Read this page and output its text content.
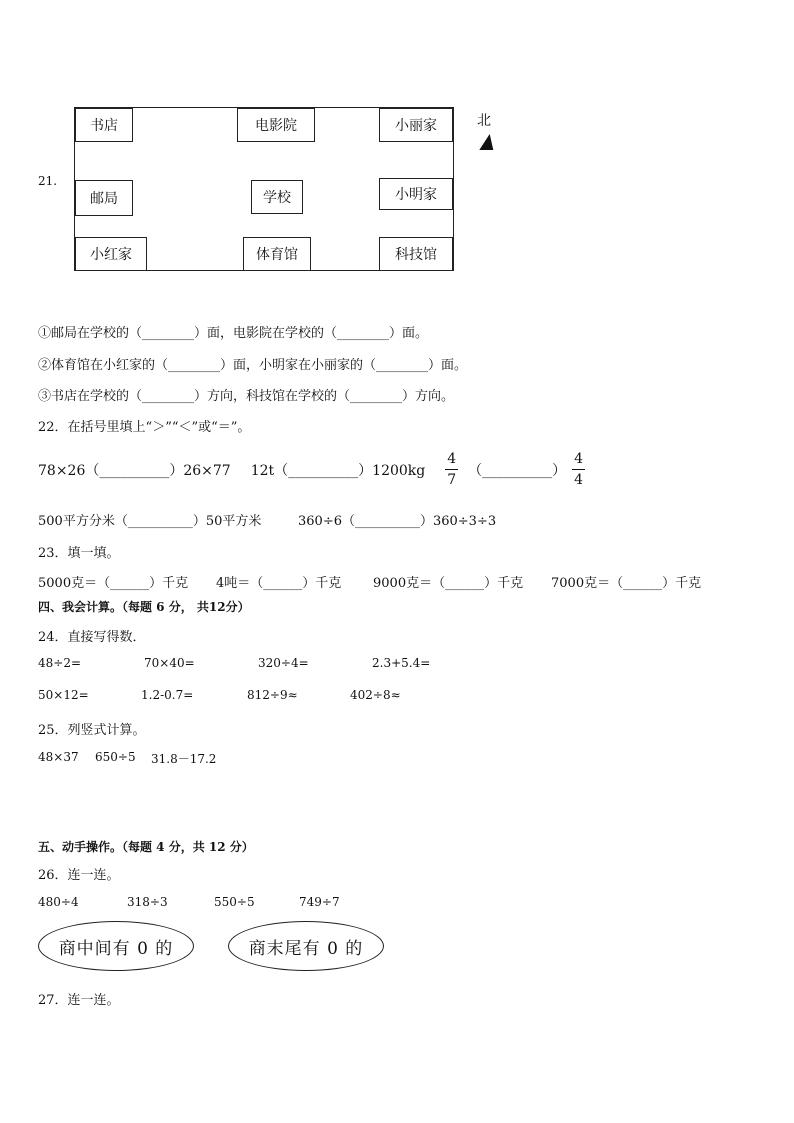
21.
书店	电影院	小丽家
邮局	学校	小明家
小红家	体育馆	科技馆
北
①邮局在学校的（________）面，电影院在学校的（________）面。
②体育馆在小红家的（________）面，小明家在小丽家的（________）面。
③书店在学校的（________）方向，科技馆在学校的（________）方向。
22．在括号里填上“＞”“＜”或“＝”。
78×26（__________）26×77 12t（__________）1200kg $\frac{4}{7}$ （__________） $\frac{4}{4}$
500平方分米（__________）50平方米	360÷6（__________）360÷3÷3
23．填一填。
5000克＝（______）千克 4吨＝（______）千克 9000克＝（______）千克 7000克＝（______）千克
四、我会计算。（每题 6 分， 共12分）
24．直接写得数．
48÷2=	70×40=	320÷4=	2.3+5.4=
50×12=	1.2-0.7=	812÷9≈	402÷8≈
25．列竖式计算。
48×37 650÷5 31.8－17.2
五、动手操作。（每题 4 分，共 12 分）
26．连一连。
480÷4	318÷3	550÷5	749÷7
商中间有 0 的	商末尾有 0 的
27．连一连。
